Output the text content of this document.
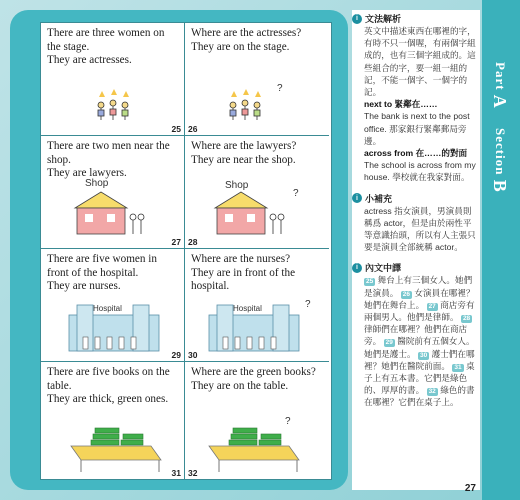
There are three women on
the stage.
They are actresses.
25
Where are the actresses?
They are on the stage.
?
26
There are two men near the
shop.
They are lawyers.
Shop
27
Where are the lawyers?
They are near the shop.
Shop
?
28
There are five women in
front of the hospital.
They are nurses.
Hospital
29
Where are the nurses?
They are in front of the
hospital.
Hospital	?
30
There are five books on the
table.
They are thick, green ones.
31
Where are the green books?
They are on the table.
?
32
i 文法解析
英文中描述東西在哪裡的字，有時不只一個喔，有兩個字組成的，也有三個字組成的。這些組合的字，要一組一組的記，不能一個字、一個字的記。
next to 緊鄰在……
The bank is next to the post office. 那家銀行緊鄰郵局旁邊。
across from 在……的對面
The school is across from my house. 學校就在我家對面。
i 小補充
actress 指女演員，男演員則稱爲 actor，但是由於兩性平等意識抬頭，所以有人主張只要是演員全部統稱 actor。
i 內文中譯
25 舞台上有三個女人。她們是演員。 26 女演員在哪裡？她們在舞台上。 27 商店旁有兩個男人。他們是律師。 28 律師們在哪裡？他們在商店旁。 29 醫院前有五個女人。她們是護士。 30 護士們在哪裡？她們在醫院前面。 31 桌子上有五本書。它們是綠色的、厚厚的書。 32 綠色的書在哪裡？它們在桌子上。
Part A
Section B
27
